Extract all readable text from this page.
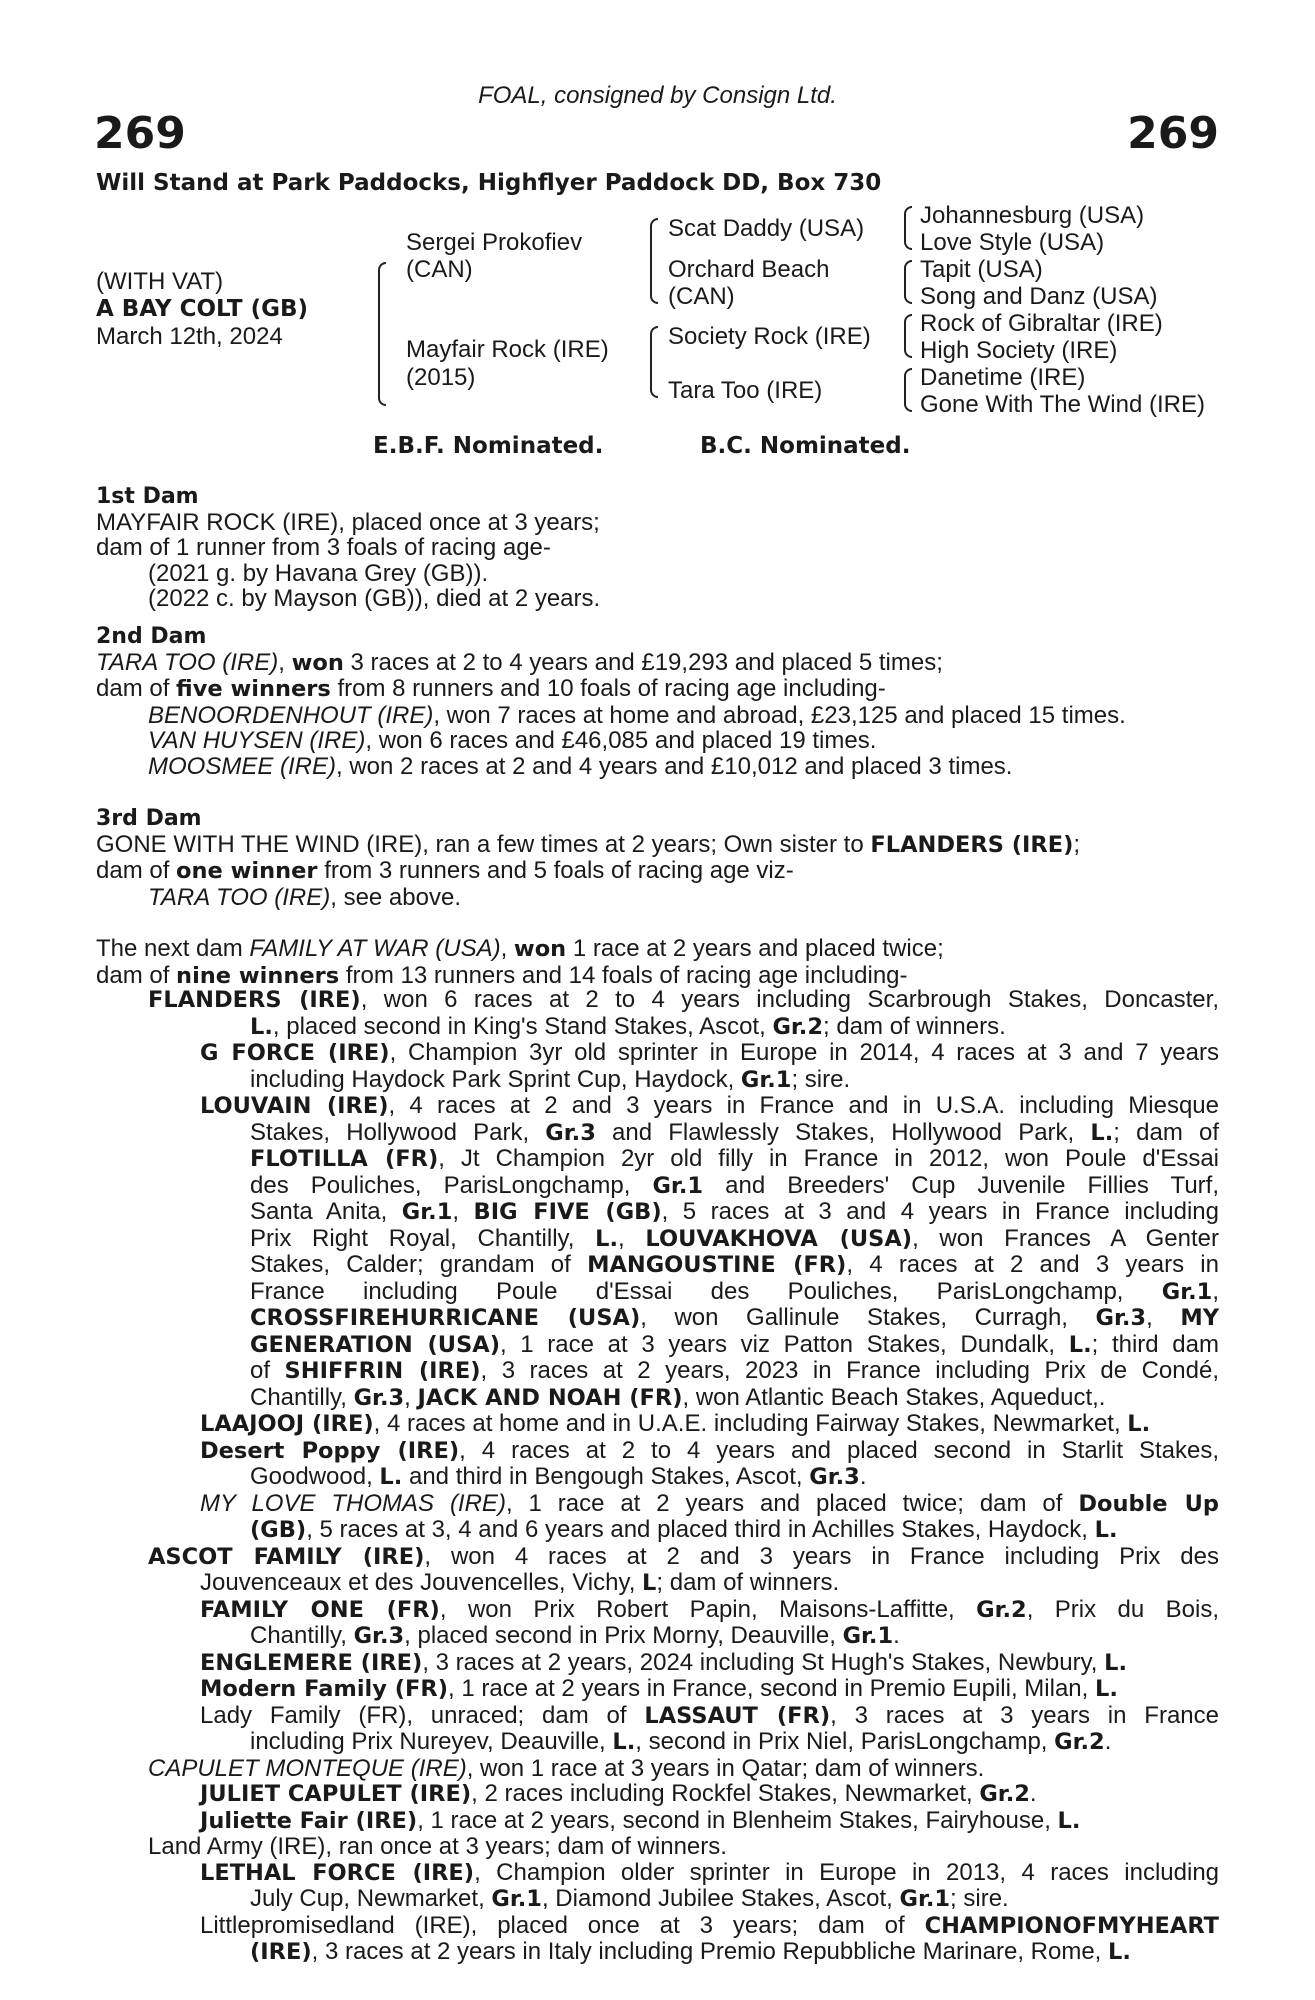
FOAL, consigned by Consign Ltd.
269	269
Will Stand at Park Paddocks, Highflyer Paddock DD, Box 730
(WITH VAT)
A BAY COLT (GB)
March 12th, 2024
Sergei Prokofiev
(CAN)
Mayfair Rock (IRE)
(2015)
Scat Daddy (USA)
Orchard Beach
(CAN)
Society Rock (IRE)
Tara Too (IRE)
Johannesburg (USA)
Love Style (USA)
Tapit (USA)
Song and Danz (USA)
Rock of Gibraltar (IRE)
High Society (IRE)
Danetime (IRE)
Gone With The Wind (IRE)
E.B.F. Nominated.	B.C. Nominated.
1st Dam
MAYFAIR ROCK (IRE), placed once at 3 years;
dam of 1 runner from 3 foals of racing age-
(2021 g. by Havana Grey (GB)).
(2022 c. by Mayson (GB)), died at 2 years.
2nd Dam
TARA TOO (IRE), won 3 races at 2 to 4 years and £19,293 and placed 5 times;
dam of five winners from 8 runners and 10 foals of racing age including-
BENOORDENHOUT (IRE), won 7 races at home and abroad, £23,125 and placed 15 times.
VAN HUYSEN (IRE), won 6 races and £46,085 and placed 19 times.
MOOSMEE (IRE), won 2 races at 2 and 4 years and £10,012 and placed 3 times.
3rd Dam
GONE WITH THE WIND (IRE), ran a few times at 2 years; Own sister to FLANDERS (IRE);
dam of one winner from 3 runners and 5 foals of racing age viz-
TARA TOO (IRE), see above.
The next dam FAMILY AT WAR (USA), won 1 race at 2 years and placed twice;
dam of nine winners from 13 runners and 14 foals of racing age including-
FLANDERS (IRE), won 6 races at 2 to 4 years including Scarbrough Stakes, Doncaster,
L., placed second in King's Stand Stakes, Ascot, Gr.2; dam of winners.
G FORCE (IRE), Champion 3yr old sprinter in Europe in 2014, 4 races at 3 and 7 years
including Haydock Park Sprint Cup, Haydock, Gr.1; sire.
LOUVAIN (IRE), 4 races at 2 and 3 years in France and in U.S.A. including Miesque
Stakes, Hollywood Park, Gr.3 and Flawlessly Stakes, Hollywood Park, L.; dam of
FLOTILLA (FR), Jt Champion 2yr old filly in France in 2012, won Poule d'Essai
des Pouliches, ParisLongchamp, Gr.1 and Breeders' Cup Juvenile Fillies Turf,
Santa Anita, Gr.1, BIG FIVE (GB), 5 races at 3 and 4 years in France including
Prix Right Royal, Chantilly, L., LOUVAKHOVA (USA), won Frances A Genter
Stakes, Calder; grandam of MANGOUSTINE (FR), 4 races at 2 and 3 years in
France including Poule d'Essai des Pouliches, ParisLongchamp, Gr.1,
CROSSFIREHURRICANE (USA), won Gallinule Stakes, Curragh, Gr.3, MY
GENERATION (USA), 1 race at 3 years viz Patton Stakes, Dundalk, L.; third dam
of SHIFFRIN (IRE), 3 races at 2 years, 2023 in France including Prix de Condé,
Chantilly, Gr.3, JACK AND NOAH (FR), won Atlantic Beach Stakes, Aqueduct,.
LAAJOOJ (IRE), 4 races at home and in U.A.E. including Fairway Stakes, Newmarket, L.
Desert Poppy (IRE), 4 races at 2 to 4 years and placed second in Starlit Stakes,
Goodwood, L. and third in Bengough Stakes, Ascot, Gr.3.
MY LOVE THOMAS (IRE), 1 race at 2 years and placed twice; dam of Double Up
(GB), 5 races at 3, 4 and 6 years and placed third in Achilles Stakes, Haydock, L.
ASCOT FAMILY (IRE), won 4 races at 2 and 3 years in France including Prix des
Jouvenceaux et des Jouvencelles, Vichy, L; dam of winners.
FAMILY ONE (FR), won Prix Robert Papin, Maisons-Laffitte, Gr.2, Prix du Bois,
Chantilly, Gr.3, placed second in Prix Morny, Deauville, Gr.1.
ENGLEMERE (IRE), 3 races at 2 years, 2024 including St Hugh's Stakes, Newbury, L.
Modern Family (FR), 1 race at 2 years in France, second in Premio Eupili, Milan, L.
Lady Family (FR), unraced; dam of LASSAUT (FR), 3 races at 3 years in France
including Prix Nureyev, Deauville, L., second in Prix Niel, ParisLongchamp, Gr.2.
CAPULET MONTEQUE (IRE), won 1 race at 3 years in Qatar; dam of winners.
JULIET CAPULET (IRE), 2 races including Rockfel Stakes, Newmarket, Gr.2.
Juliette Fair (IRE), 1 race at 2 years, second in Blenheim Stakes, Fairyhouse, L.
Land Army (IRE), ran once at 3 years; dam of winners.
LETHAL FORCE (IRE), Champion older sprinter in Europe in 2013, 4 races including
July Cup, Newmarket, Gr.1, Diamond Jubilee Stakes, Ascot, Gr.1; sire.
Littlepromisedland (IRE), placed once at 3 years; dam of CHAMPIONOFMYHEART
(IRE), 3 races at 2 years in Italy including Premio Repubbliche Marinare, Rome, L.
